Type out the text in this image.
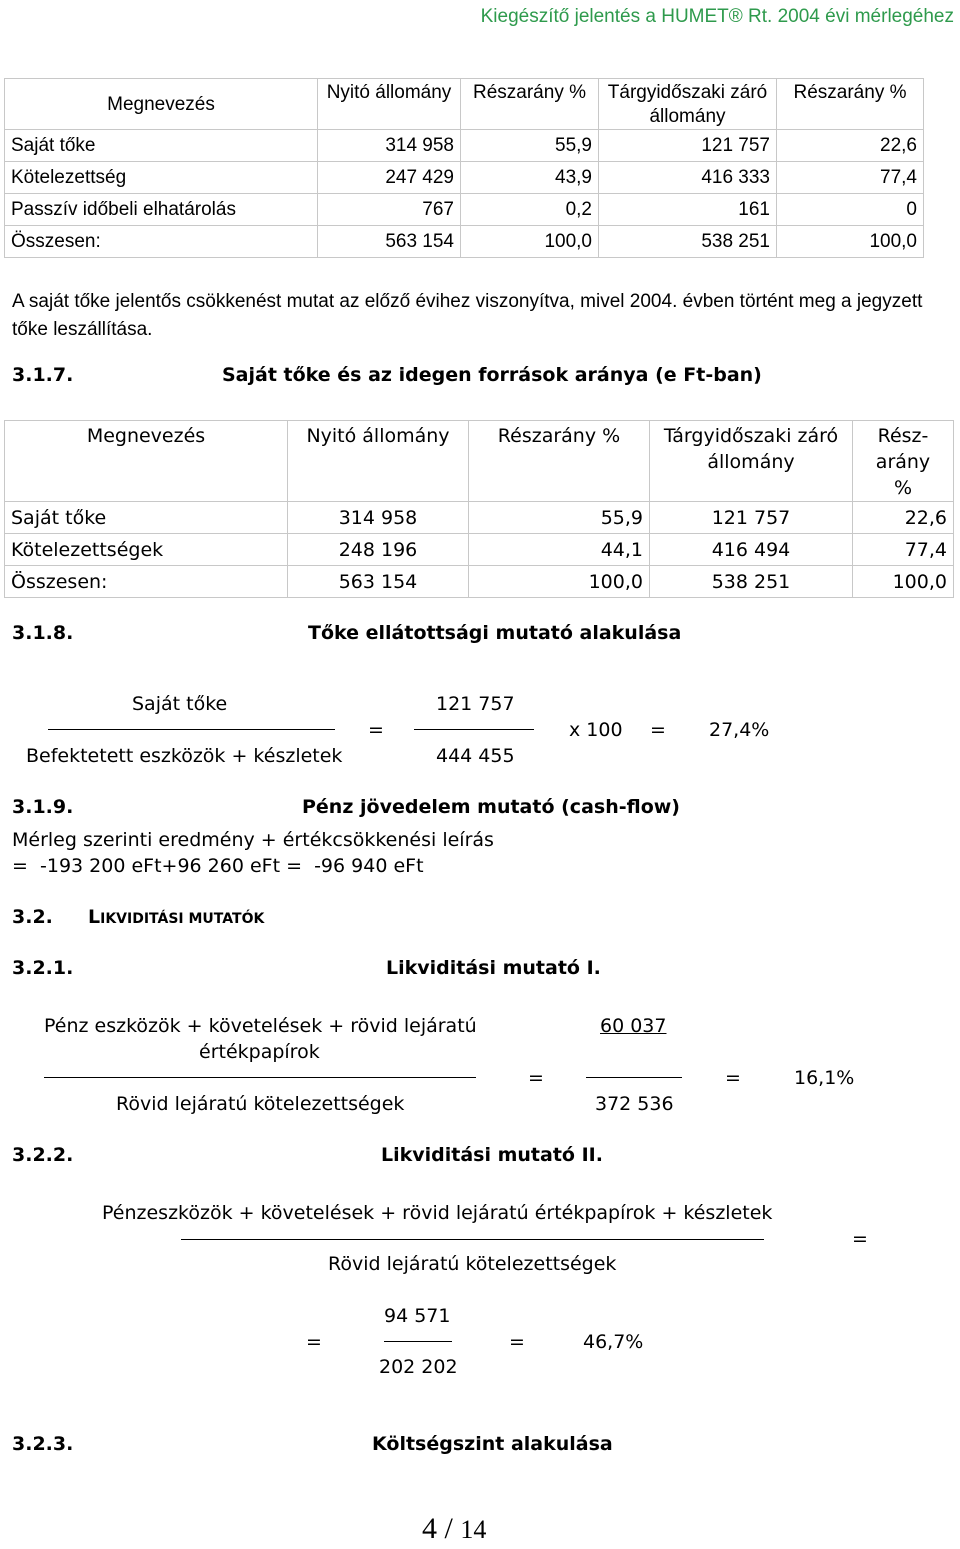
Kiegészítő jelentés a HUMET® Rt. 2004 évi mérlegéhez
Megnevezés	Nyitó állomány	Részarány %	Tárgyidőszaki záró állomány	Részarány %
Saját tőke	314 958	55,9	121 757	22,6
Kötelezettség	247 429	43,9	416 333	77,4
Passzív időbeli elhatárolás	767	0,2	161	0
Összesen:	563 154	100,0	538 251	100,0
A saját tőke jelentős csökkenést mutat az előző évihez viszonyítva, mivel 2004. évben történt meg a jegyzett tőke leszállítása.
3.1.7.	Saját tőke és az idegen források aránya (e Ft-ban)
Megnevezés	Nyitó állomány	Részarány %	Tárgyidőszaki záró állomány	Rész-arány %
Saját tőke	314 958	55,9	121 757	22,6
Kötelezettségek	248 196	44,1	416 494	77,4
Összesen:	563 154	100,0	538 251	100,0
3.1.8.	Tőke ellátottsági mutató alakulása
Saját tőke
Befektetett eszközök + készletek
=
121 757
444 455
x 100 = 27,4%
3.1.9.	Pénz jövedelem mutató (cash-flow)
Mérleg szerinti eredmény + értékcsökkenési leírás
=  -193 200 eFt+96 260 eFt =  -96 940 eFt
3.2. LIKVIDITÁSI MUTATÓK
3.2.1.	Likviditási mutató I.
Pénz eszközök + követelések + rövid lejáratú
értékpapírok
Rövid lejáratú kötelezettségek
=
60 037
372 536
=	16,1%
3.2.2.	Likviditási mutató II.
Pénzeszközök + követelések + rövid lejáratú értékpapírok + készletek
Rövid lejáratú kötelezettségek
=
=
94 571
202 202
=	46,7%
3.2.3.	Költségszint alakulása
4 / 14
